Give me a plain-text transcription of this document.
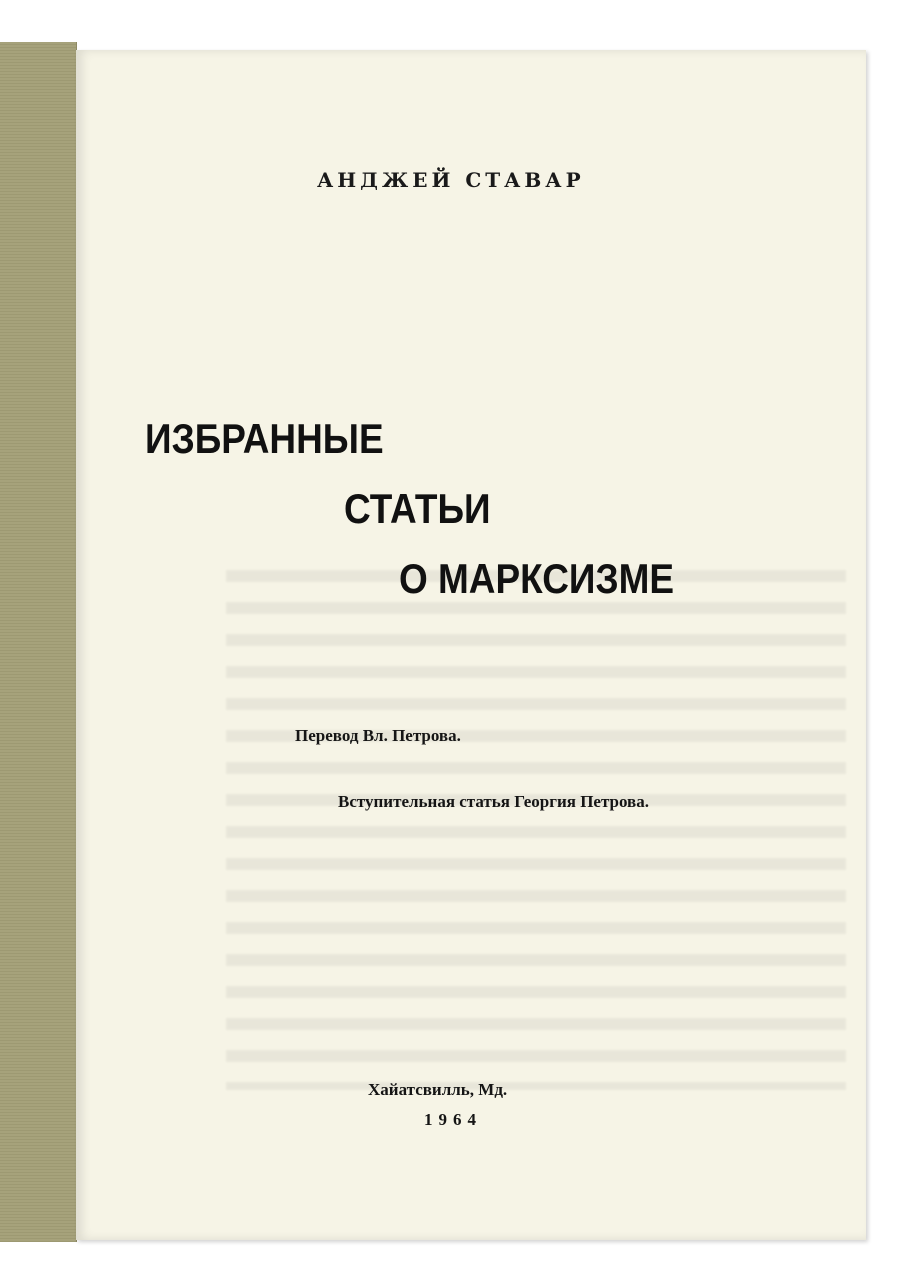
АНДЖЕЙ СТАВАР

ИЗБРАННЫЕ
СТАТЬИ
О МАРКСИЗМЕ

Перевод Вл. Петрова.

Вступительная статья Георгия Петрова.

Хайатсвилль, Мд.

1964
